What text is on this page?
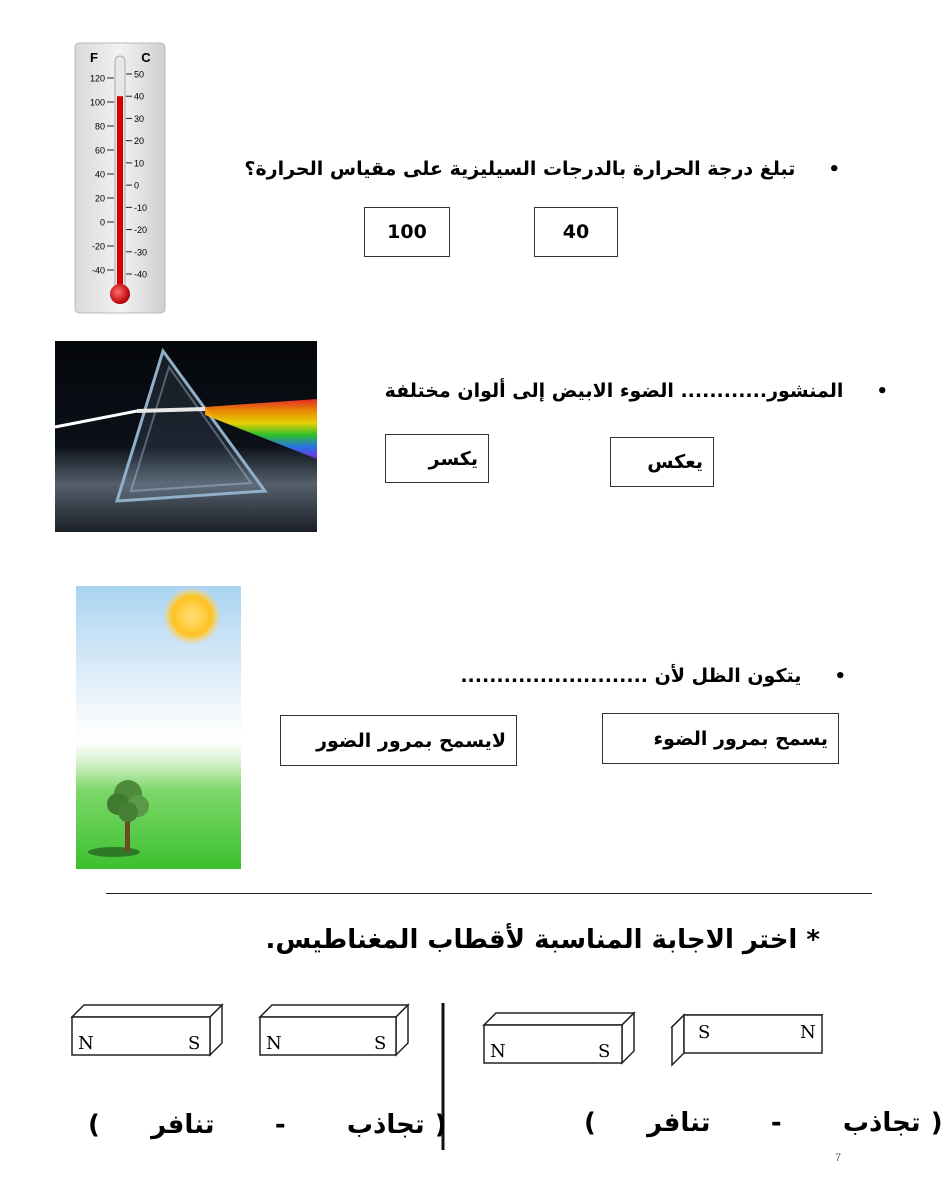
F	C
120
100
80
60
40
20
0
-20
-40
50
40
30
20
10
0
-10
-20
-30
-40
•     تبلغ درجة الحرارة بالدرجات السيليزية على مقياس الحرارة؟
40
100
•     المنشور............ الضوء الابيض إلى ألوان مختلفة
يعكس
يكسر
•     يتكون الظل لأن ..........................
يسمح بمرور الضوء
لايسمح بمرور الضور
* اختر الاجابة المناسبة لأقطاب المغناطيس.
N	S	N	S	N	S
S	N
( تجاذب      -      تنافر     )	( تجاذب      -      تنافر     )
7
